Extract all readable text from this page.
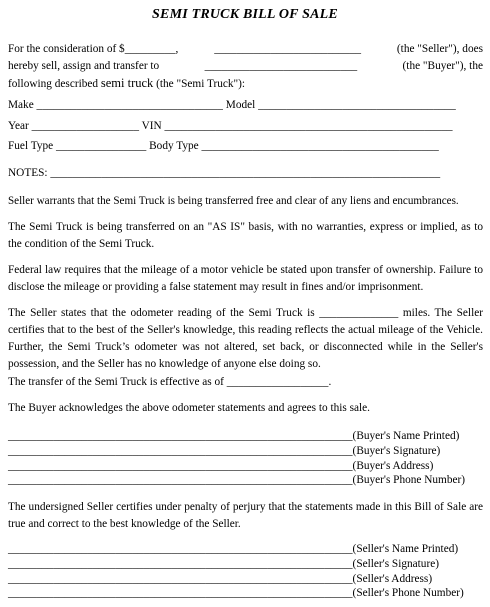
SEMI TRUCK BILL OF SALE
For the consideration of $_________,	__________________________	(the "Seller"), does
hereby sell, assign and transfer to	___________________________	(the "Buyer"), the
following described semi truck (the "Semi Truck"):
Make _________________________________ Model ___________________________________
Year ___________________ VIN ___________________________________________________
Fuel Type ________________ Body Type __________________________________________
NOTES: _____________________________________________________________________
Seller warrants that the Semi Truck is being transferred free and clear of any liens and encumbrances.
The Semi Truck is being transferred on an "AS IS" basis, with no warranties, express or implied, as to the condition of the Semi Truck.
Federal law requires that the mileage of a motor vehicle be stated upon transfer of ownership. Failure to disclose the mileage or providing a false statement may result in fines and/or imprisonment.
The Seller states that the odometer reading of the Semi Truck is ______________ miles. The Seller certifies that to the best of the Seller's knowledge, this reading reflects the actual mileage of the Vehicle. Further, the Semi Truck’s odometer was not altered, set back, or disconnected while in the Seller's possession, and the Seller has no knowledge of anyone else doing so.
The transfer of the Semi Truck is effective as of __________________.
The Buyer acknowledges the above odometer statements and agrees to this sale.
_____________________________________________________________(Buyer's Name Printed)
_____________________________________________________________(Buyer's Signature)
_____________________________________________________________(Buyer's Address)
_____________________________________________________________(Buyer's Phone Number)
The undersigned Seller certifies under penalty of perjury that the statements made in this Bill of Sale are true and correct to the best knowledge of the Seller.
_____________________________________________________________(Seller's Name Printed)
_____________________________________________________________(Seller's Signature)
_____________________________________________________________(Seller's Address)
_____________________________________________________________(Seller's Phone Number)
